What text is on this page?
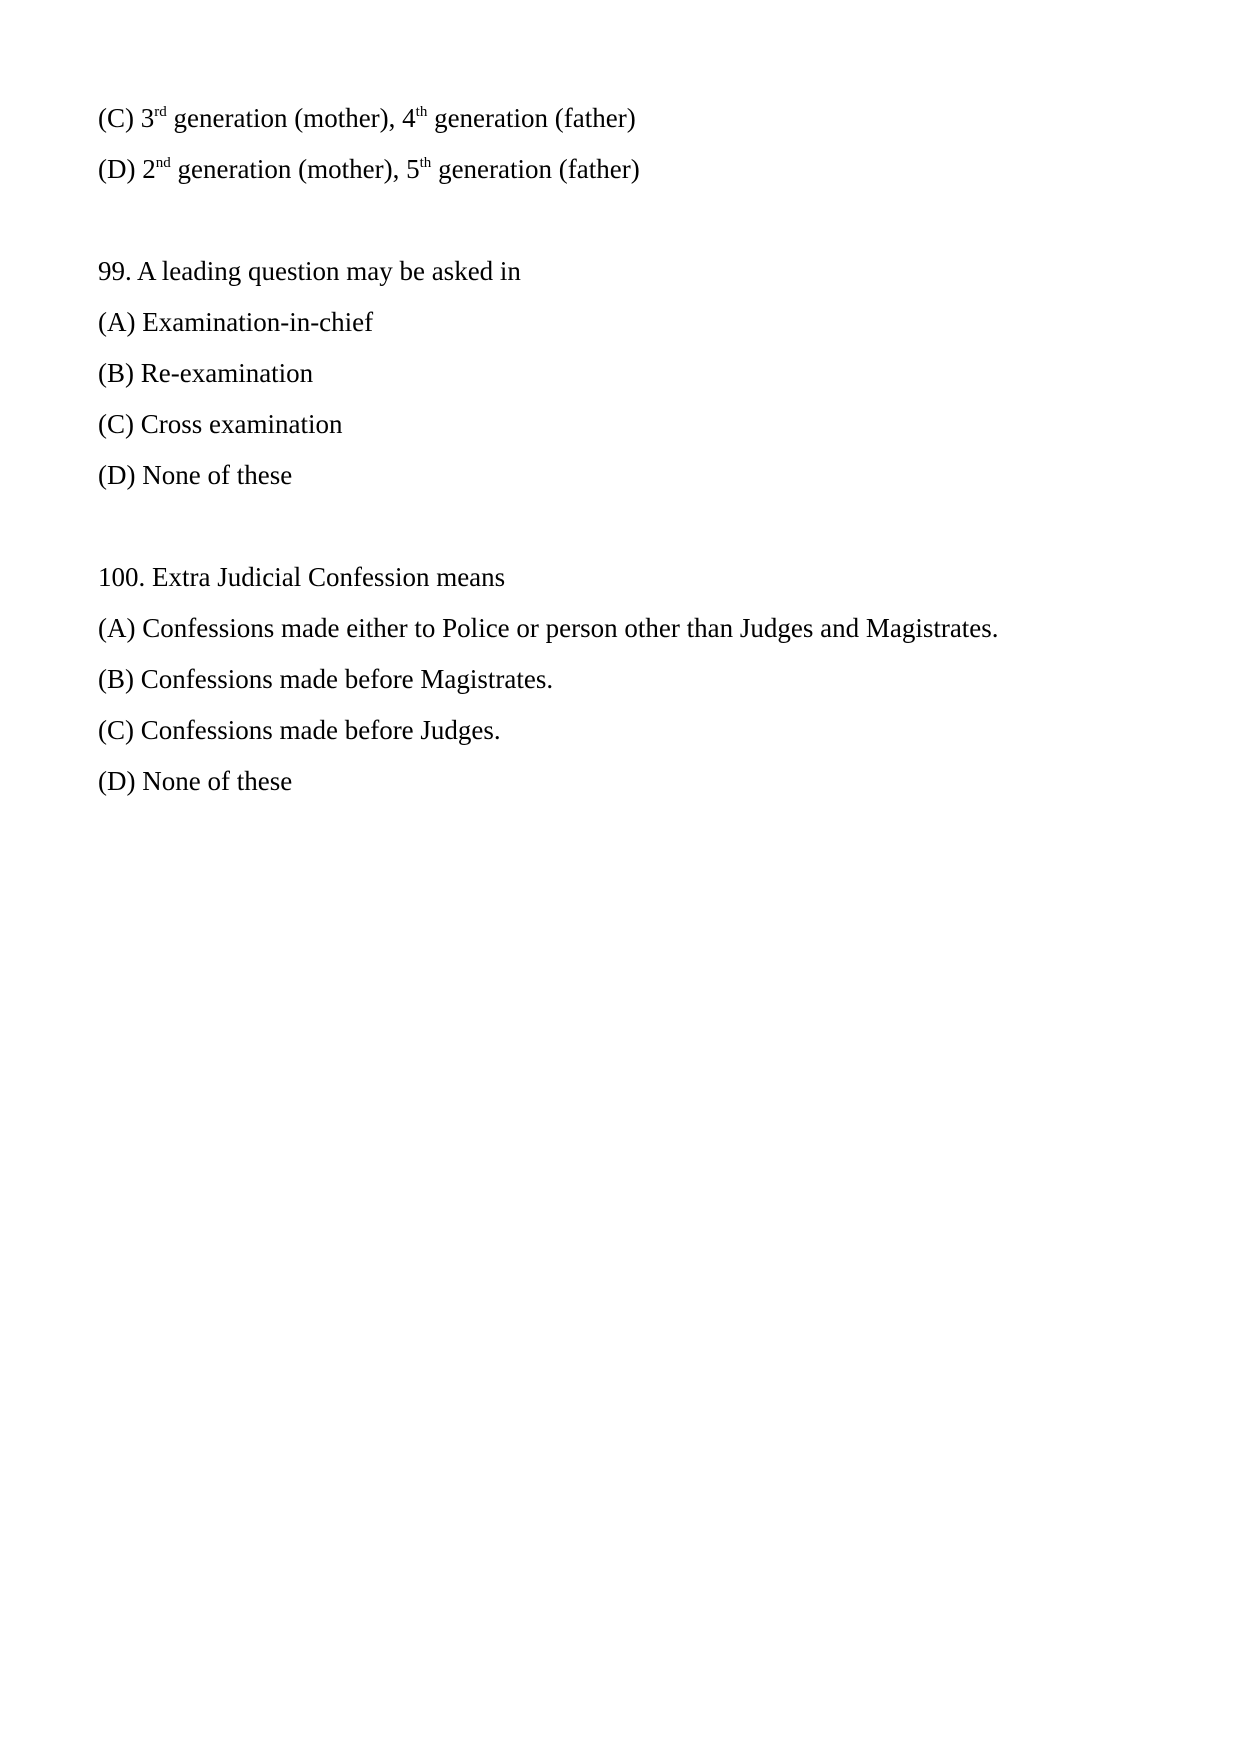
(C) 3rd generation (mother), 4th generation (father)
(D) 2nd generation (mother), 5th generation (father)
99. A leading question may be asked in
(A) Examination-in-chief
(B) Re-examination
(C) Cross examination
(D) None of these
100. Extra Judicial Confession means
(A) Confessions made either to Police or person other than Judges and Magistrates.
(B) Confessions made before Magistrates.
(C) Confessions made before Judges.
(D) None of these
